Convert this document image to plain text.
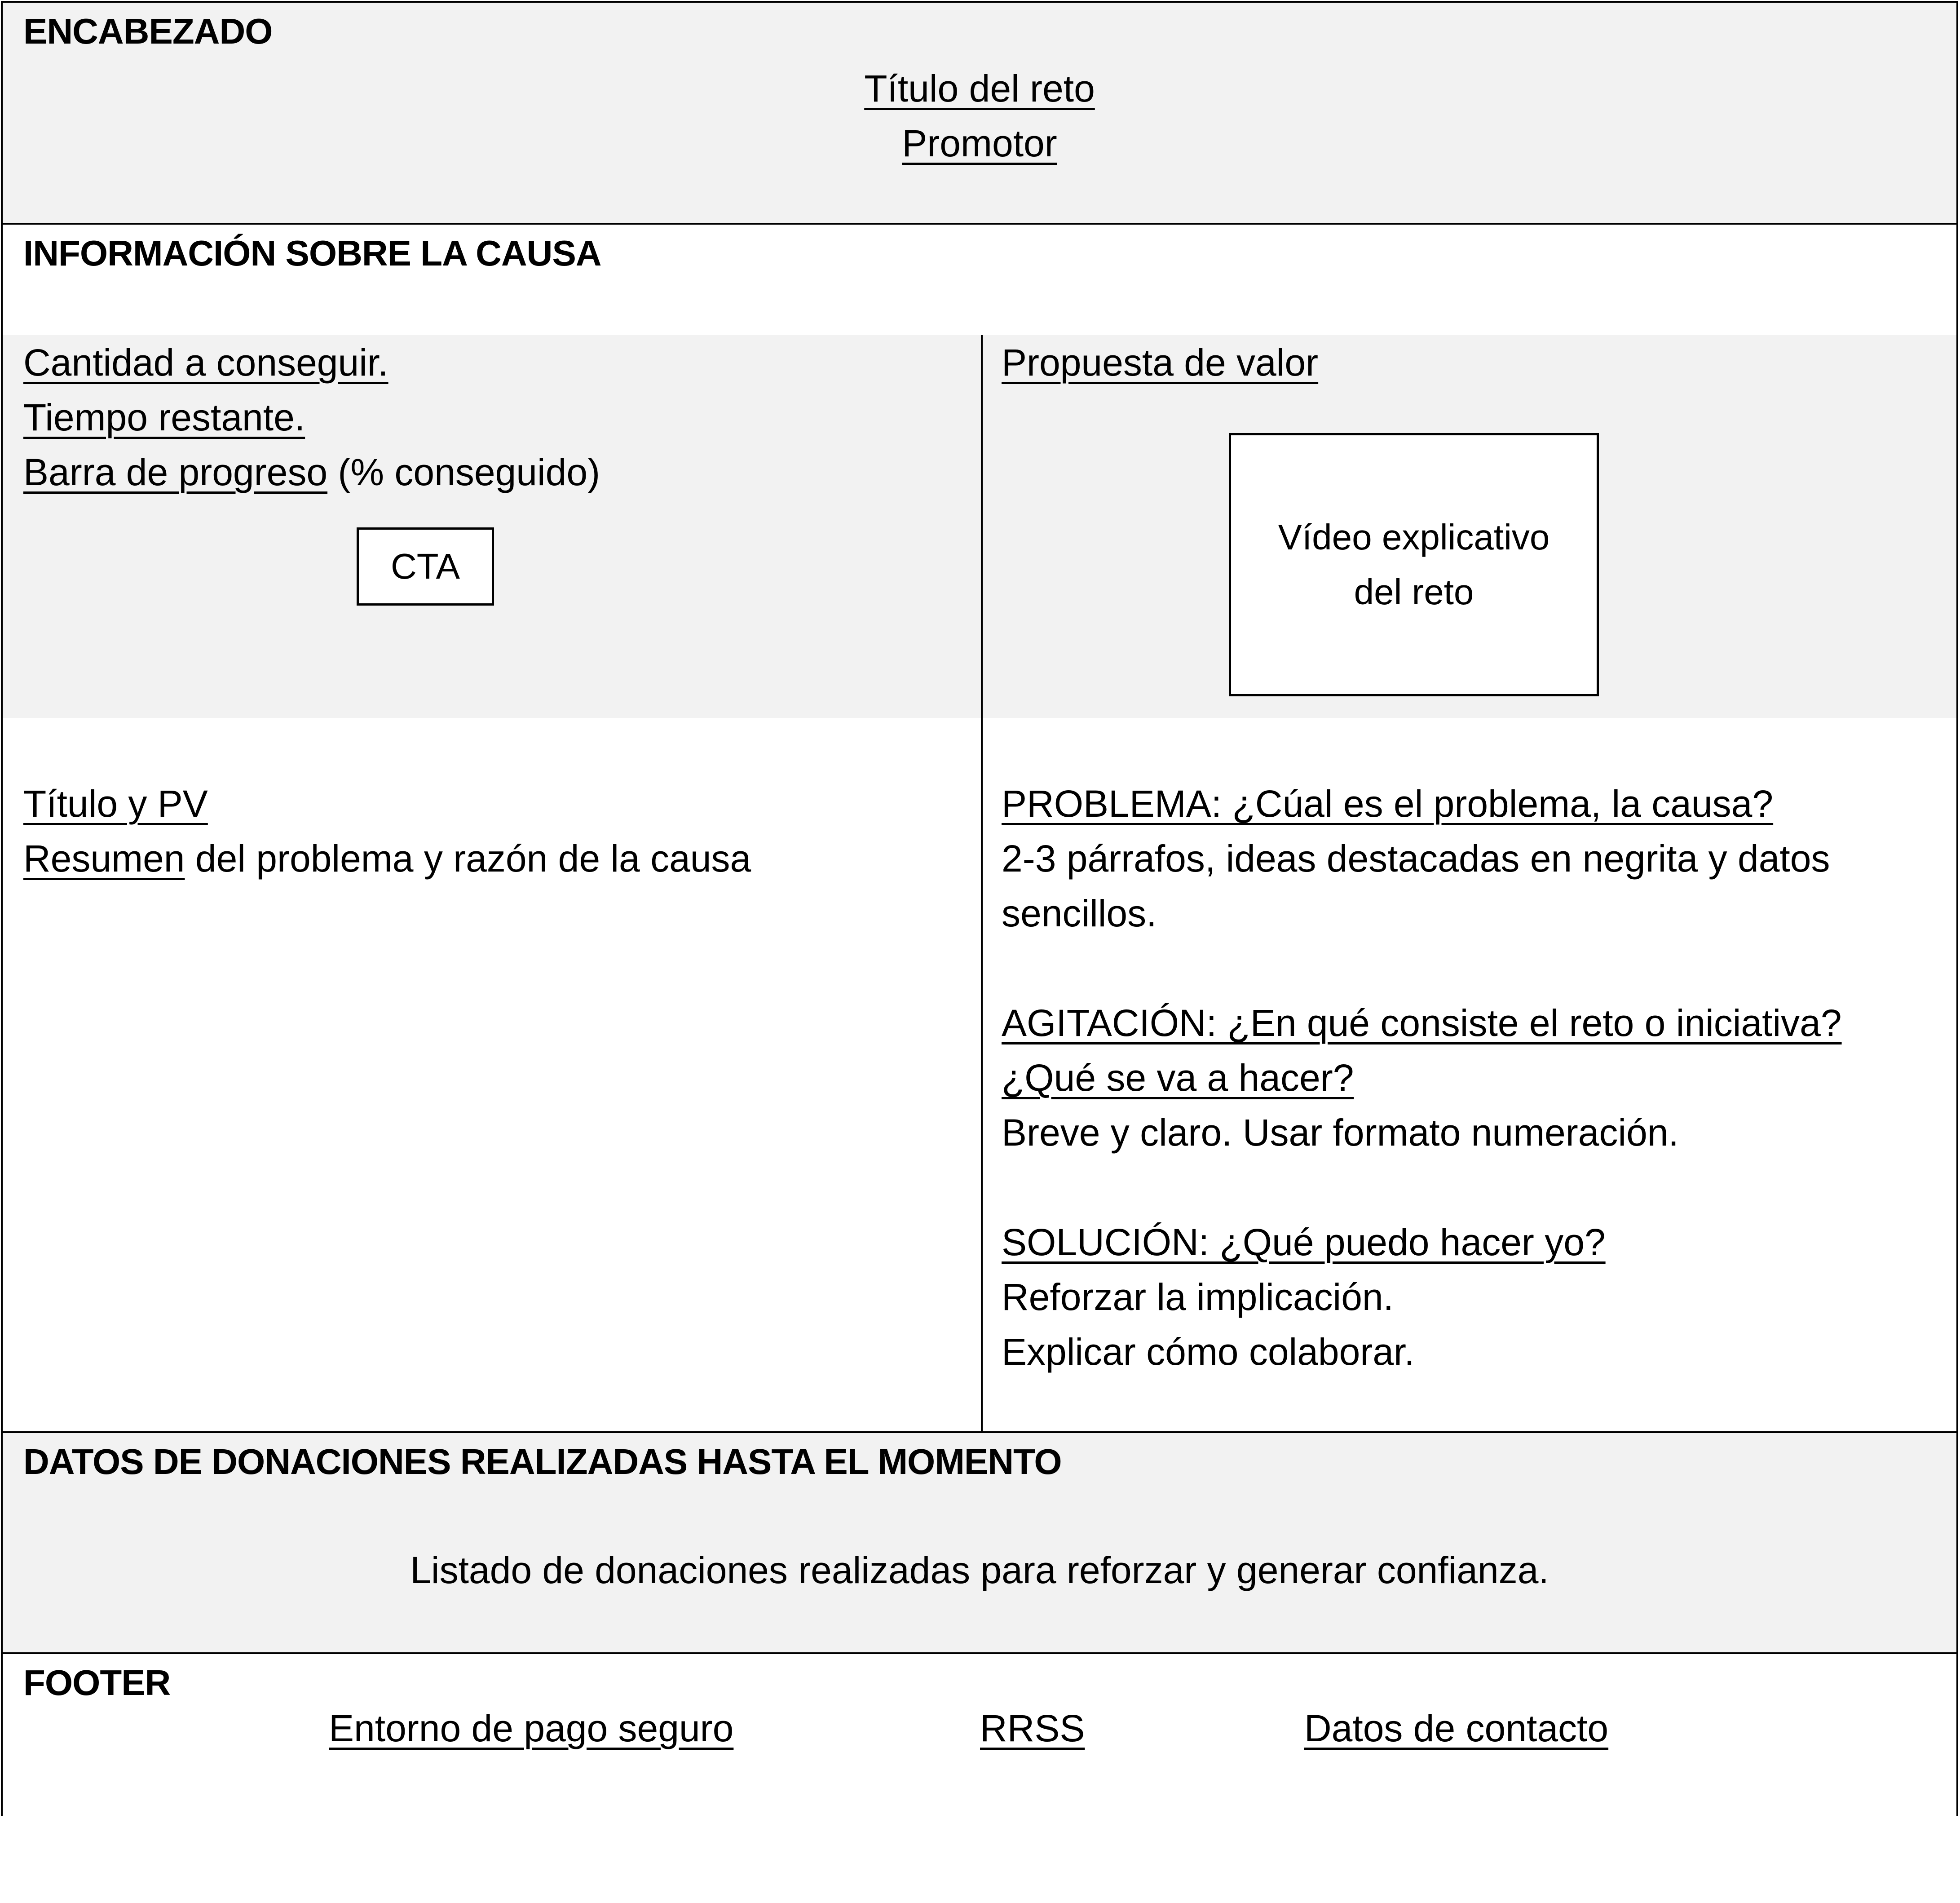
ENCABEZADO
Título del reto
Promotor
INFORMACIÓN SOBRE LA CAUSA
Cantidad a conseguir.
Tiempo restante.
Barra de progreso (% conseguido)
CTA
Propuesta de valor
Vídeo explicativo
del reto
Título y PV
Resumen del problema y razón de la causa
PROBLEMA: ¿Cúal es el problema, la causa?
2-3 párrafos, ideas destacadas en negrita y datos
sencillos.

AGITACIÓN: ¿En qué consiste el reto o iniciativa?
¿Qué se va a hacer?
Breve y claro. Usar formato numeración.

SOLUCIÓN: ¿Qué puedo hacer yo?
Reforzar la implicación.
Explicar cómo colaborar.
DATOS DE DONACIONES REALIZADAS HASTA EL MOMENTO
Listado de donaciones realizadas para reforzar y generar confianza.
FOOTER
Entorno de pago seguro	RRSS	Datos de contacto
